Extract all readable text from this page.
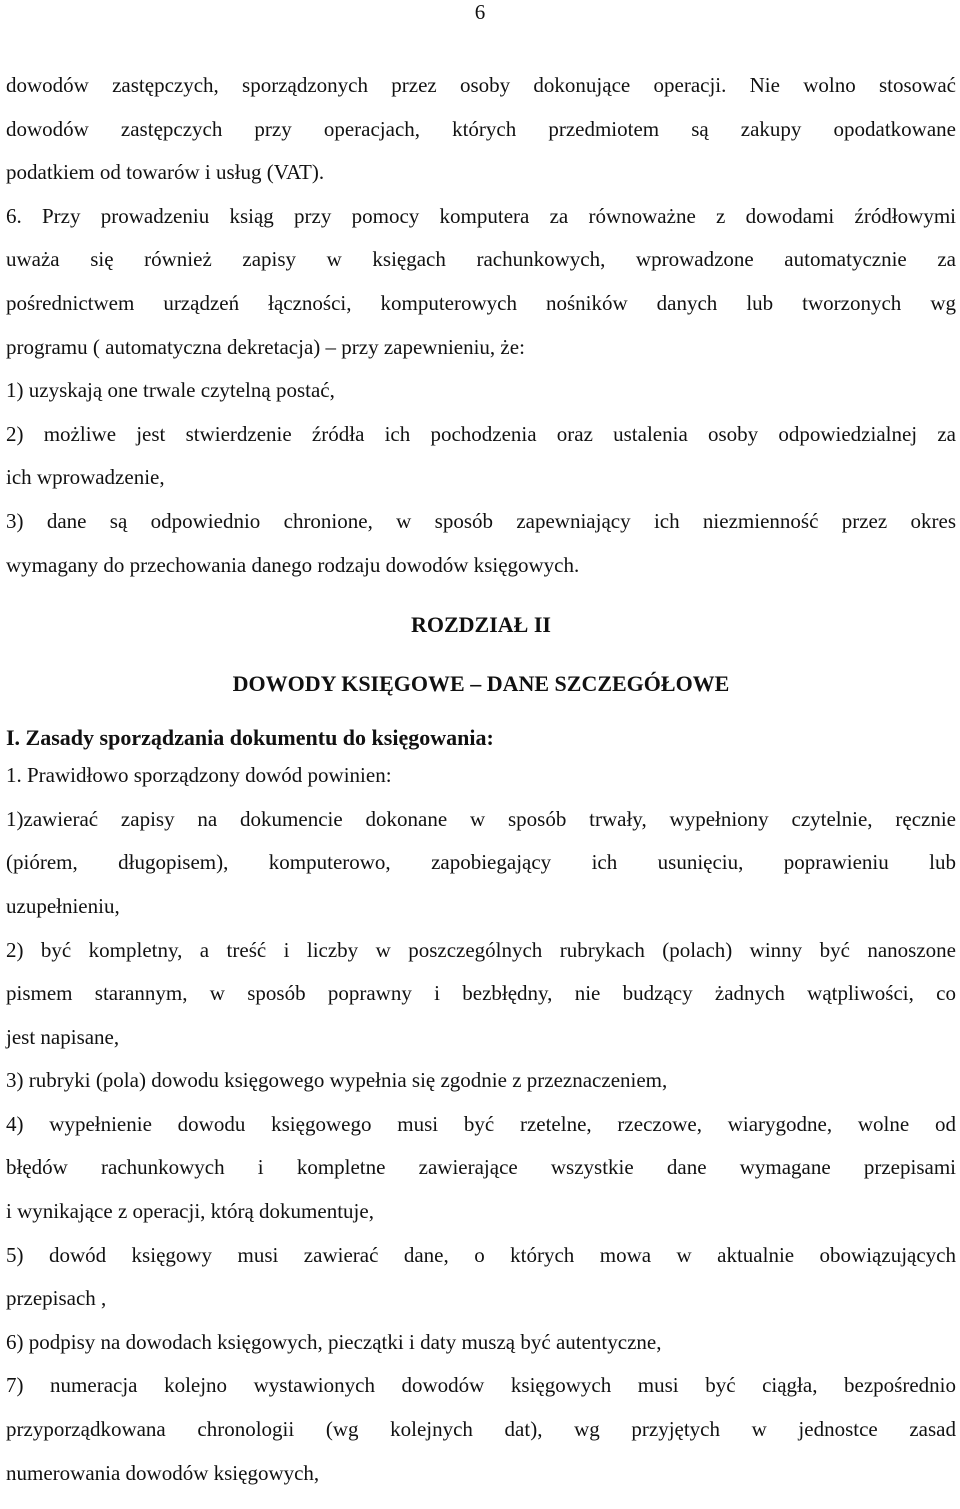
6

dowodów zastępczych, sporządzonych przez osoby dokonujące operacji. Nie wolno stosować

dowodów zastępczych przy operacjach, których przedmiotem są zakupy opodatkowane

podatkiem od towarów i usług (VAT).

6. Przy prowadzeniu ksiąg przy pomocy komputera za równoważne z dowodami źródłowymi

uważa się również zapisy w księgach rachunkowych, wprowadzone automatycznie za

pośrednictwem urządzeń łączności, komputerowych nośników danych lub tworzonych wg

programu ( automatyczna dekretacja) – przy zapewnieniu, że:

1) uzyskają one trwale czytelną postać,

2) możliwe jest stwierdzenie źródła ich pochodzenia oraz ustalenia osoby odpowiedzialnej za

ich wprowadzenie,

3) dane są odpowiednio chronione, w sposób zapewniający ich niezmienność przez okres

wymagany do przechowania danego rodzaju dowodów księgowych.

ROZDZIAŁ II

DOWODY KSIĘGOWE – DANE SZCZEGÓŁOWE

I. Zasady sporządzania dokumentu do księgowania:

1. Prawidłowo sporządzony dowód powinien:

1)zawierać zapisy na dokumencie dokonane w sposób trwały, wypełniony czytelnie, ręcznie

(piórem, długopisem), komputerowo, zapobiegający ich usunięciu, poprawieniu lub

uzupełnieniu,

2) być kompletny, a treść i liczby w poszczególnych rubrykach (polach) winny być nanoszone

pismem starannym, w sposób poprawny i bezbłędny, nie budzący żadnych wątpliwości, co

jest napisane,

3) rubryki (pola) dowodu księgowego wypełnia się zgodnie z przeznaczeniem,

4) wypełnienie dowodu księgowego musi być rzetelne, rzeczowe, wiarygodne, wolne od

błędów rachunkowych i kompletne zawierające wszystkie dane wymagane przepisami

i wynikające z operacji, którą dokumentuje,

5) dowód księgowy musi zawierać dane, o których mowa w aktualnie obowiązujących

przepisach ,

6) podpisy na dowodach księgowych, pieczątki i daty muszą być autentyczne,

7) numeracja kolejno wystawionych dowodów księgowych musi być ciągła, bezpośrednio

przyporządkowana chronologii (wg kolejnych dat), wg przyjętych w jednostce zasad

numerowania dowodów księgowych,
